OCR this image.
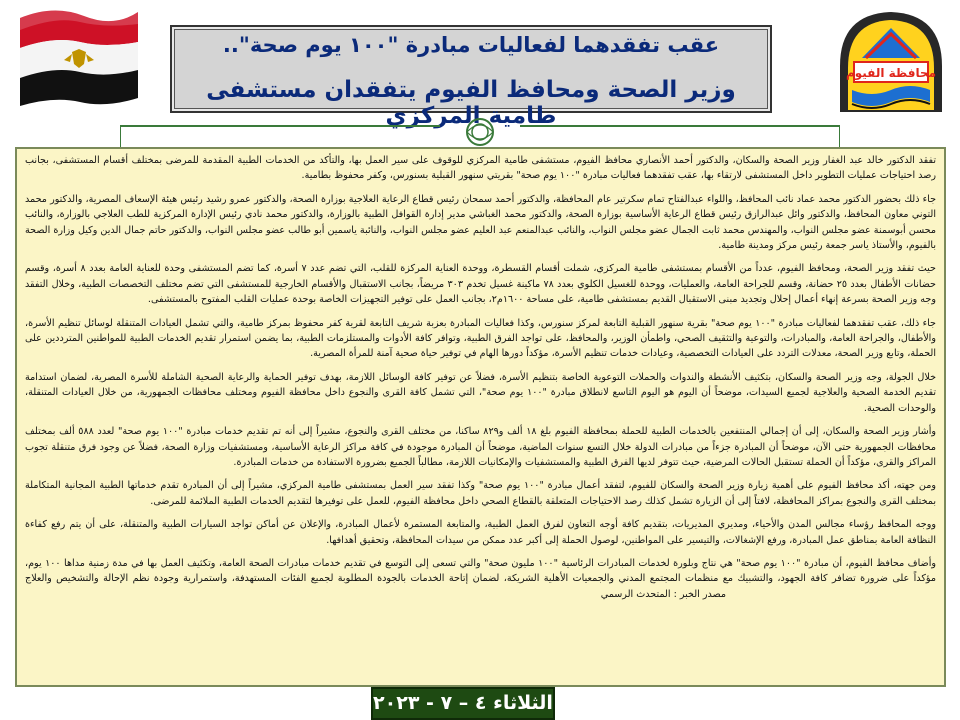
محافظة الفيوم
عقب تفقدهما لفعاليات مبادرة "١٠٠ يوم صحة"..
وزير الصحة ومحافظ الفيوم يتفقدان مستشفى طامية المركزي

تفقد الدكتور خالد عبد الغفار وزير الصحة والسكان، والدكتور أحمد الأنصاري محافظ الفيوم، مستشفى طامية المركزي للوقوف على سير العمل بها، والتأكد من الخدمات الطبية المقدمة للمرضى بمختلف أقسام المستشفى، بجانب رصد احتياجات عمليات التطوير داخل المستشفى لارتقاء بها، عقب تفقدهما فعاليات مبادرة "١٠٠ يوم صحة" بقريتي سنهور القبلية بسنورس، وكفر محفوظ بطامية.

جاء ذلك بحضور الدكتور محمد عماد نائب المحافظ، واللواء عبدالفتاح تمام سكرتير عام المحافظة، والدكتور أحمد سمحان رئيس قطاع الرعاية العلاجية بوزارة الصحة، والدكتور عمرو رشيد رئيس هيئة الإسعاف المصرية، والدكتور محمد التوني معاون المحافظ، والدكتور وائل عبدالرازق رئيس قطاع الرعاية الأساسية بوزارة الصحة، والدكتور محمد الغباشي مدير إدارة القوافل الطبية بالوزارة، والدكتور محمد نادي رئيس الإدارة المركزية للطب العلاجي بالوزارة، والنائب محسن أبوسمنة عضو مجلس النواب، والمهندس محمد ثابت الجمال عضو مجلس النواب، والنائب عبدالمنعم عبد العليم عضو مجلس النواب، والنائبة ياسمين أبو طالب عضو مجلس النواب، والدكتور حاتم جمال الدين وكيل وزارة الصحة بالفيوم، والأستاذ ياسر جمعة رئيس مركز ومدينة طامية.

حيث تفقد وزير الصحة، ومحافظ الفيوم، عدداً من الأقسام بمستشفى طامية المركزي، شملت أقسام القسطرة، ووحدة العناية المركزة للقلب، التي تضم عدد ٧ أسرة، كما تضم المستشفى وحدة للعناية العامة بعدد ٨ أسرة، وقسم حضانات الأطفال بعدد ٢٥ حضانة، وقسم للجراحة العامة، والعمليات، ووحدة للغسيل الكلوي بعدد ٧٨ ماكينة غسيل تخدم ٣٠٣ مريضاً، بجانب الاستقبال والأقسام الخارجية للمستشفى التي تضم مختلف التخصصات الطبية، وخلال التفقد وجه وزير الصحة بسرعة إنهاء أعمال إحلال وتجديد مبنى الاستقبال القديم بمستشفى طامية، على مساحة ١٦٠٠م٢، بجانب العمل على توفير التجهيزات الخاصة بوحدة عمليات القلب المفتوح بالمستشفى.

جاء ذلك، عقب تفقدهما لفعاليات مبادرة "١٠٠ يوم صحة" بقرية سنهور القبلية التابعة لمركز سنورس، وكذا فعاليات المبادرة بعزبة شريف التابعة لقرية كفر محفوظ بمركز طامية، والتي تشمل العيادات المتنقلة لوسائل تنظيم الأسرة، والأطفال، والجراحة العامة، والمبادرات، والتوعية والتثقيف الصحي، واطمأن الوزير، والمحافظ، على تواجد الفرق الطبية، وتوافر كافة الأدوات والمستلزمات الطبية، بما يضمن استمرار تقديم الخدمات الطبية للمواطنين المترددين على الحملة، وتابع وزير الصحة، معدلات التردد على العيادات التخصصية، وعيادات خدمات تنظيم الأسرة، مؤكداً دورها الهام في توفير حياة صحية آمنة للمرأة المصرية.

خلال الجولة، وجه وزير الصحة والسكان، بتكثيف الأنشطة والندوات والحملات التوعوية الخاصة بتنظيم الأسرة، فضلاً عن توفير كافة الوسائل اللازمة، بهدف توفير الحماية والرعاية الصحية الشاملة للأسرة المصرية، لضمان استدامة تقديم الخدمة الصحية والعلاجية لجميع السيدات، موضحاً أن اليوم هو اليوم التاسع لانطلاق مبادرة "١٠٠ يوم صحة"، التي تشمل كافة القرى والنجوع داخل محافظة الفيوم ومختلف محافظات الجمهورية، من خلال العيادات المتنقلة، والوحدات الصحية.

وأشار وزير الصحة والسكان، إلى أن إجمالي المنتفعين بالخدمات الطبية للحملة بمحافظة الفيوم بلغ ١٨ ألف و٨٢٩ ساكنا، من مختلف القرى والنجوع، مشيراً إلى أنه تم تقديم خدمات مبادرة "١٠٠ يوم صحة" لعدد ٥٨٨ ألف بمختلف محافظات الجمهورية حتى الآن، موضحاً أن المبادرة جزءاً من مبادرات الدولة خلال التسع سنوات الماضية، موضحاً أن المبادرة موجودة في كافة مراكز الرعاية الأساسية، ومستشفيات وزارة الصحة، فضلاً عن وجود فرق متنقلة تجوب المراكز والقرى، مؤكداً أن الحملة تستقبل الحالات المرضية، حيث تتوفر لديها الفرق الطبية والمستشفيات والإمكانيات اللازمة، مطالباً الجميع بضرورة الاستفادة من خدمات المبادرة.

ومن جهته، أكد محافظ الفيوم على أهمية زيارة وزير الصحة والسكان للفيوم، لتفقد أعمال مبادرة "١٠٠ يوم صحة" وكذا تفقد سير العمل بمستشفى طامية المركزي، مشيراً إلى أن المبادرة تقدم خدماتها الطبية المجانية المتكاملة بمختلف القرى والنجوع بمراكز المحافظة، لافتاً إلى أن الزيارة تشمل كذلك رصد الاحتياجات المتعلقة بالقطاع الصحي داخل محافظة الفيوم، للعمل على توفيرها لتقديم الخدمات الطبية الملائمة للمرضى.

ووجه المحافظ رؤساء مجالس المدن والأحياء، ومديري المديريات، بتقديم كافة أوجه التعاون لفرق العمل الطبية، والمتابعة المستمرة لأعمال المبادرة، والإعلان عن أماكن تواجد السيارات الطبية والمتنقلة، على أن يتم رفع كفاءة النظافة العامة بمناطق عمل المبادرة، ورفع الإشغالات، والتيسير على المواطنين، لوصول الحملة إلى أكبر عدد ممكن من سيدات المحافظة، وتحقيق أهدافها.

وأضاف محافظ الفيوم، أن مبادرة "١٠٠ يوم صحة" هي نتاج وبلورة لخدمات المبادرات الرئاسية "١٠٠ مليون صحة" والتي تسعى إلى التوسع في تقديم خدمات مبادرات الصحة العامة، وتكثيف العمل بها في مدة زمنية مداها ١٠٠ يوم، مؤكداً على ضرورة تضافر كافة الجهود، والتشبيك مع منظمات المجتمع المدني والجمعيات الأهلية الشريكة، لضمان إتاحة الخدمات بالجودة المطلوبة لجميع الفئات المستهدفة، واستمرارية وجودة نظم الإحالة والتشخيص والعلاج مصدر الخبر : المتحدث الرسمي

الثلاثاء ٤ – ٧ - ٢٠٢٣
